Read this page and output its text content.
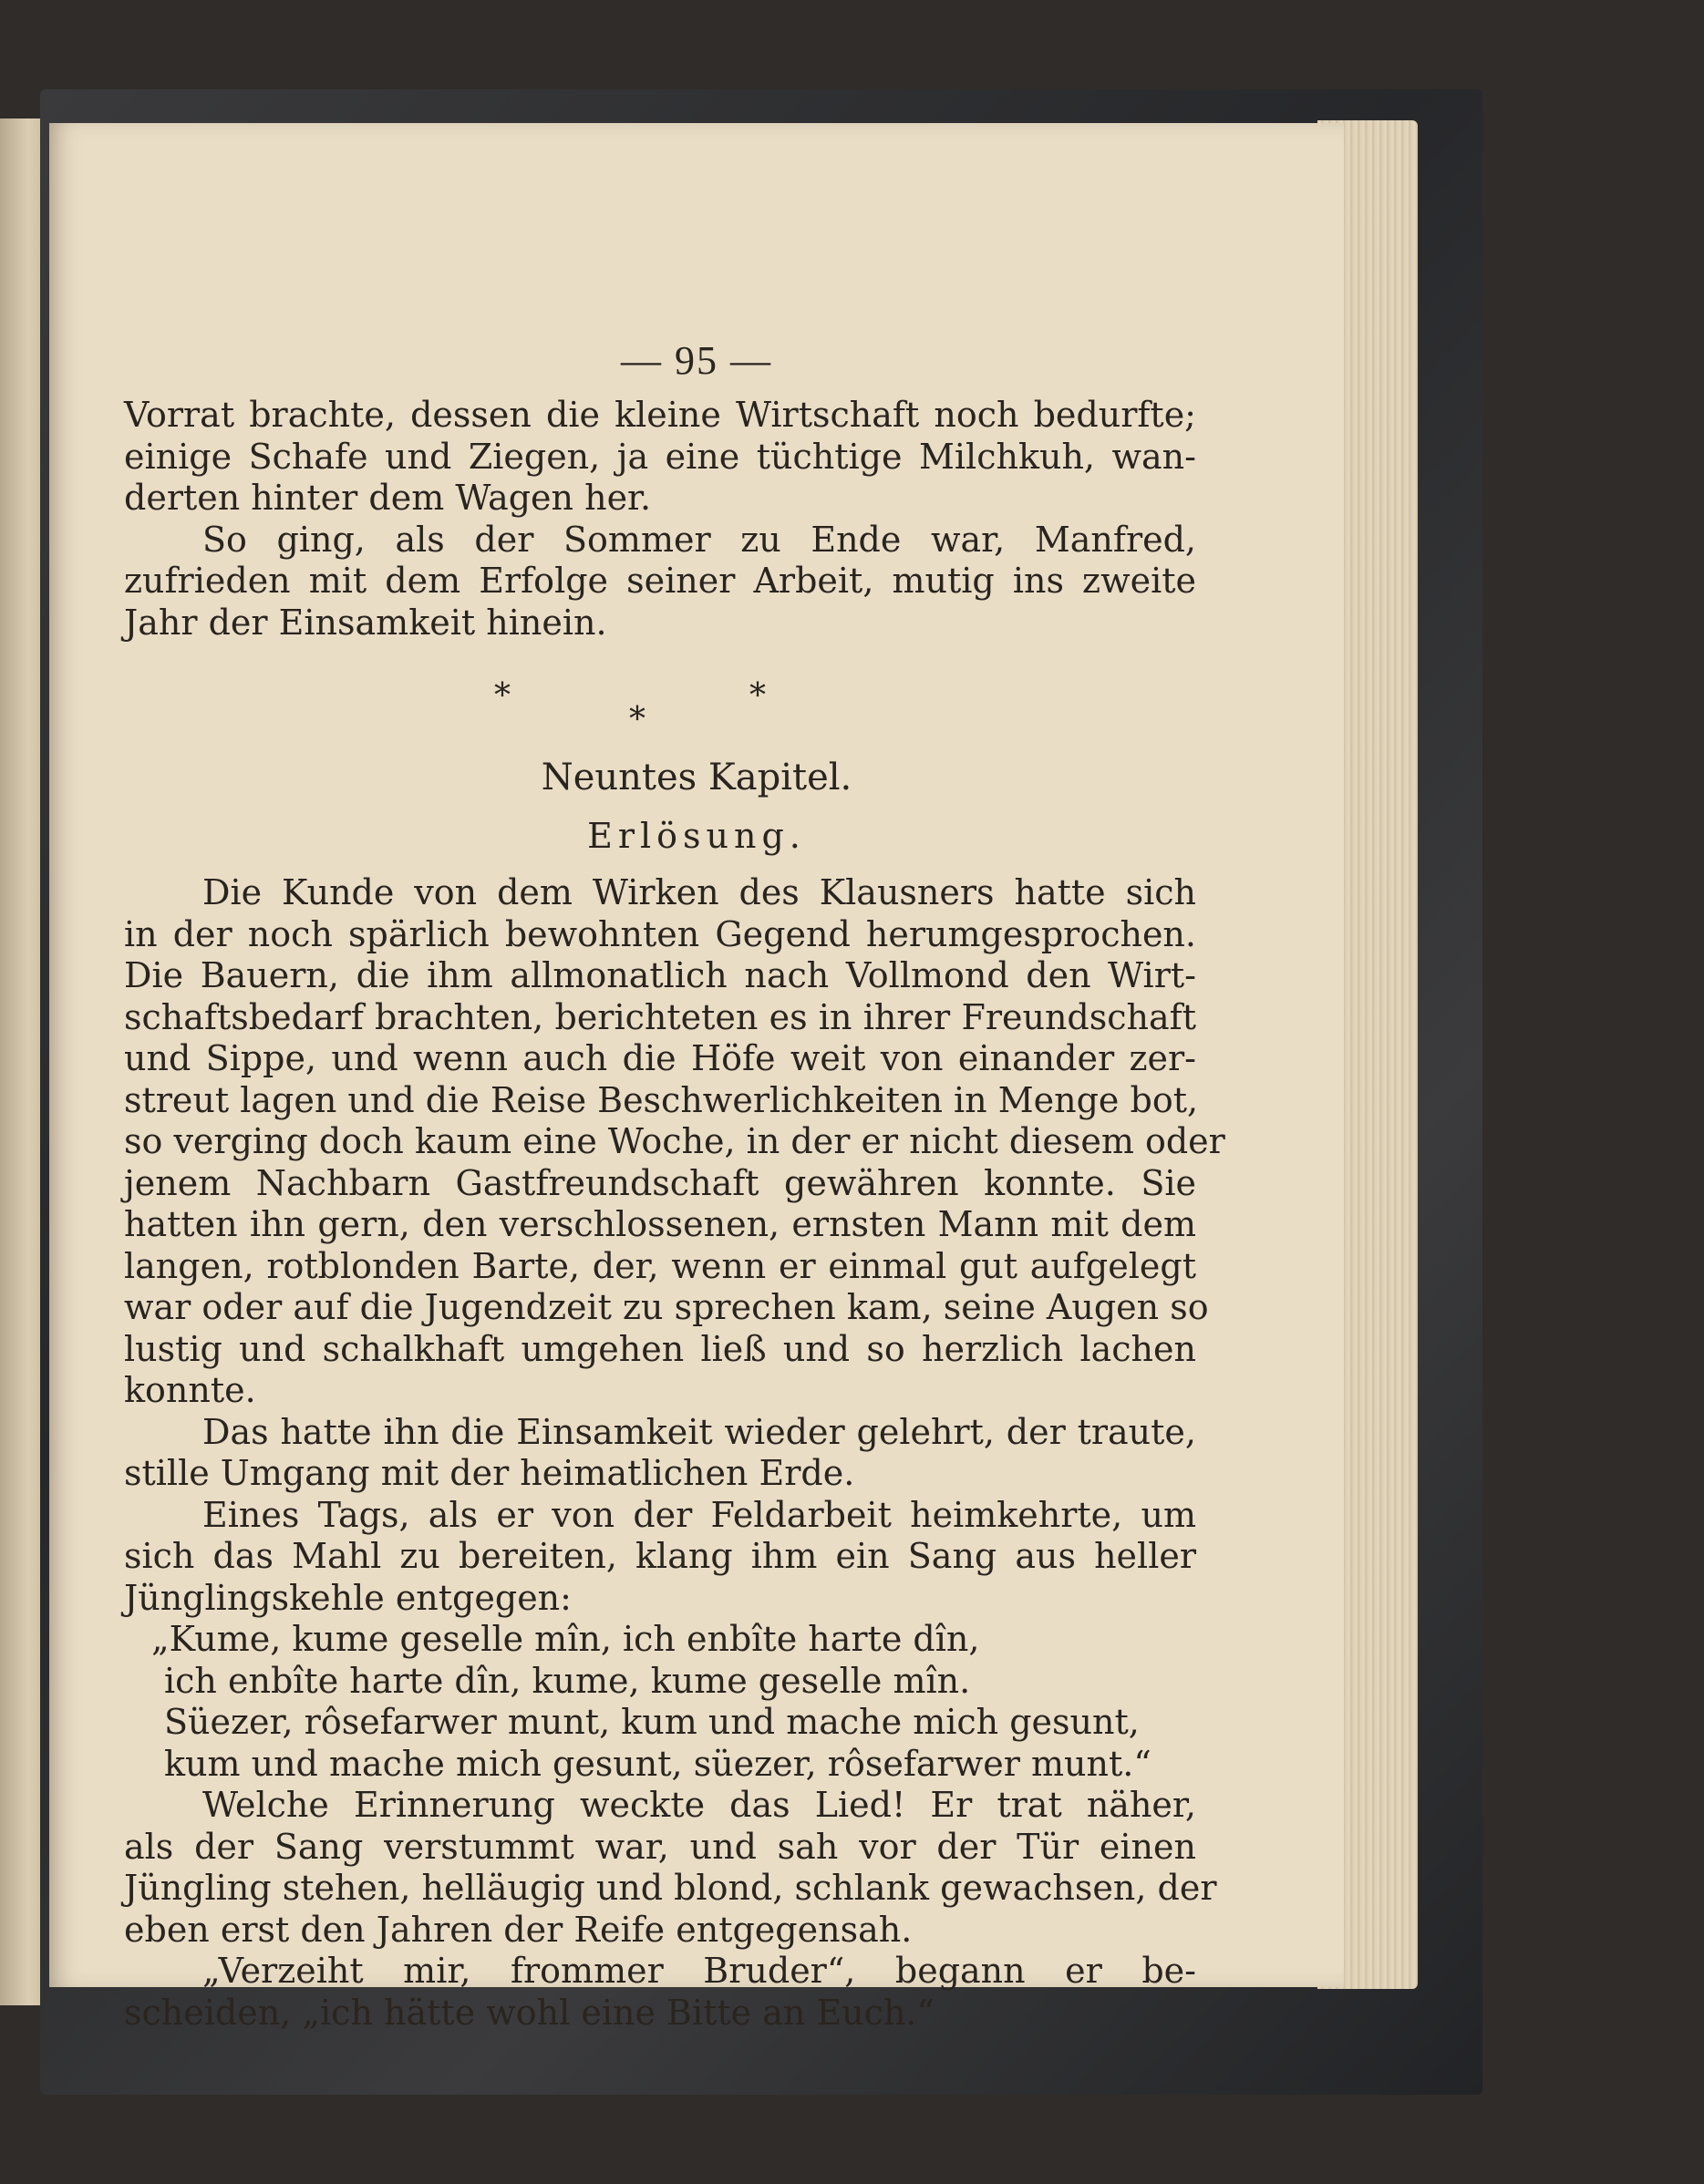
— 95 —
Vorrat brachte, dessen die kleine Wirtschaft noch bedurfte;
einige Schafe und Ziegen, ja eine tüchtige Milchkuh, wan-
derten hinter dem Wagen her.
So ging, als der Sommer zu Ende war, Manfred,
zufrieden mit dem Erfolge seiner Arbeit, mutig ins zweite
Jahr der Einsamkeit hinein.
*
*
*
Neuntes Kapitel.
Erlösung.
Die Kunde von dem Wirken des Klausners hatte sich
in der noch spärlich bewohnten Gegend herumgesprochen.
Die Bauern, die ihm allmonatlich nach Vollmond den Wirt-
schaftsbedarf brachten, berichteten es in ihrer Freundschaft
und Sippe, und wenn auch die Höfe weit von einander zer-
streut lagen und die Reise Beschwerlichkeiten in Menge bot,
so verging doch kaum eine Woche, in der er nicht diesem oder
jenem Nachbarn Gastfreundschaft gewähren konnte. Sie
hatten ihn gern, den verschlossenen, ernsten Mann mit dem
langen, rotblonden Barte, der, wenn er einmal gut aufgelegt
war oder auf die Jugendzeit zu sprechen kam, seine Augen so
lustig und schalkhaft umgehen ließ und so herzlich lachen
konnte.
Das hatte ihn die Einsamkeit wieder gelehrt, der traute,
stille Umgang mit der heimatlichen Erde.
Eines Tags, als er von der Feldarbeit heimkehrte, um
sich das Mahl zu bereiten, klang ihm ein Sang aus heller
Jünglingskehle entgegen:
„Kume, kume geselle mîn, ich enbîte harte dîn,
ich enbîte harte dîn, kume, kume geselle mîn.
Süezer, rôsefarwer munt, kum und mache mich gesunt,
kum und mache mich gesunt, süezer, rôsefarwer munt.“
Welche Erinnerung weckte das Lied! Er trat näher,
als der Sang verstummt war, und sah vor der Tür einen
Jüngling stehen, helläugig und blond, schlank gewachsen, der
eben erst den Jahren der Reife entgegensah.
„Verzeiht mir, frommer Bruder“, begann er be-
scheiden, „ich hätte wohl eine Bitte an Euch.“
